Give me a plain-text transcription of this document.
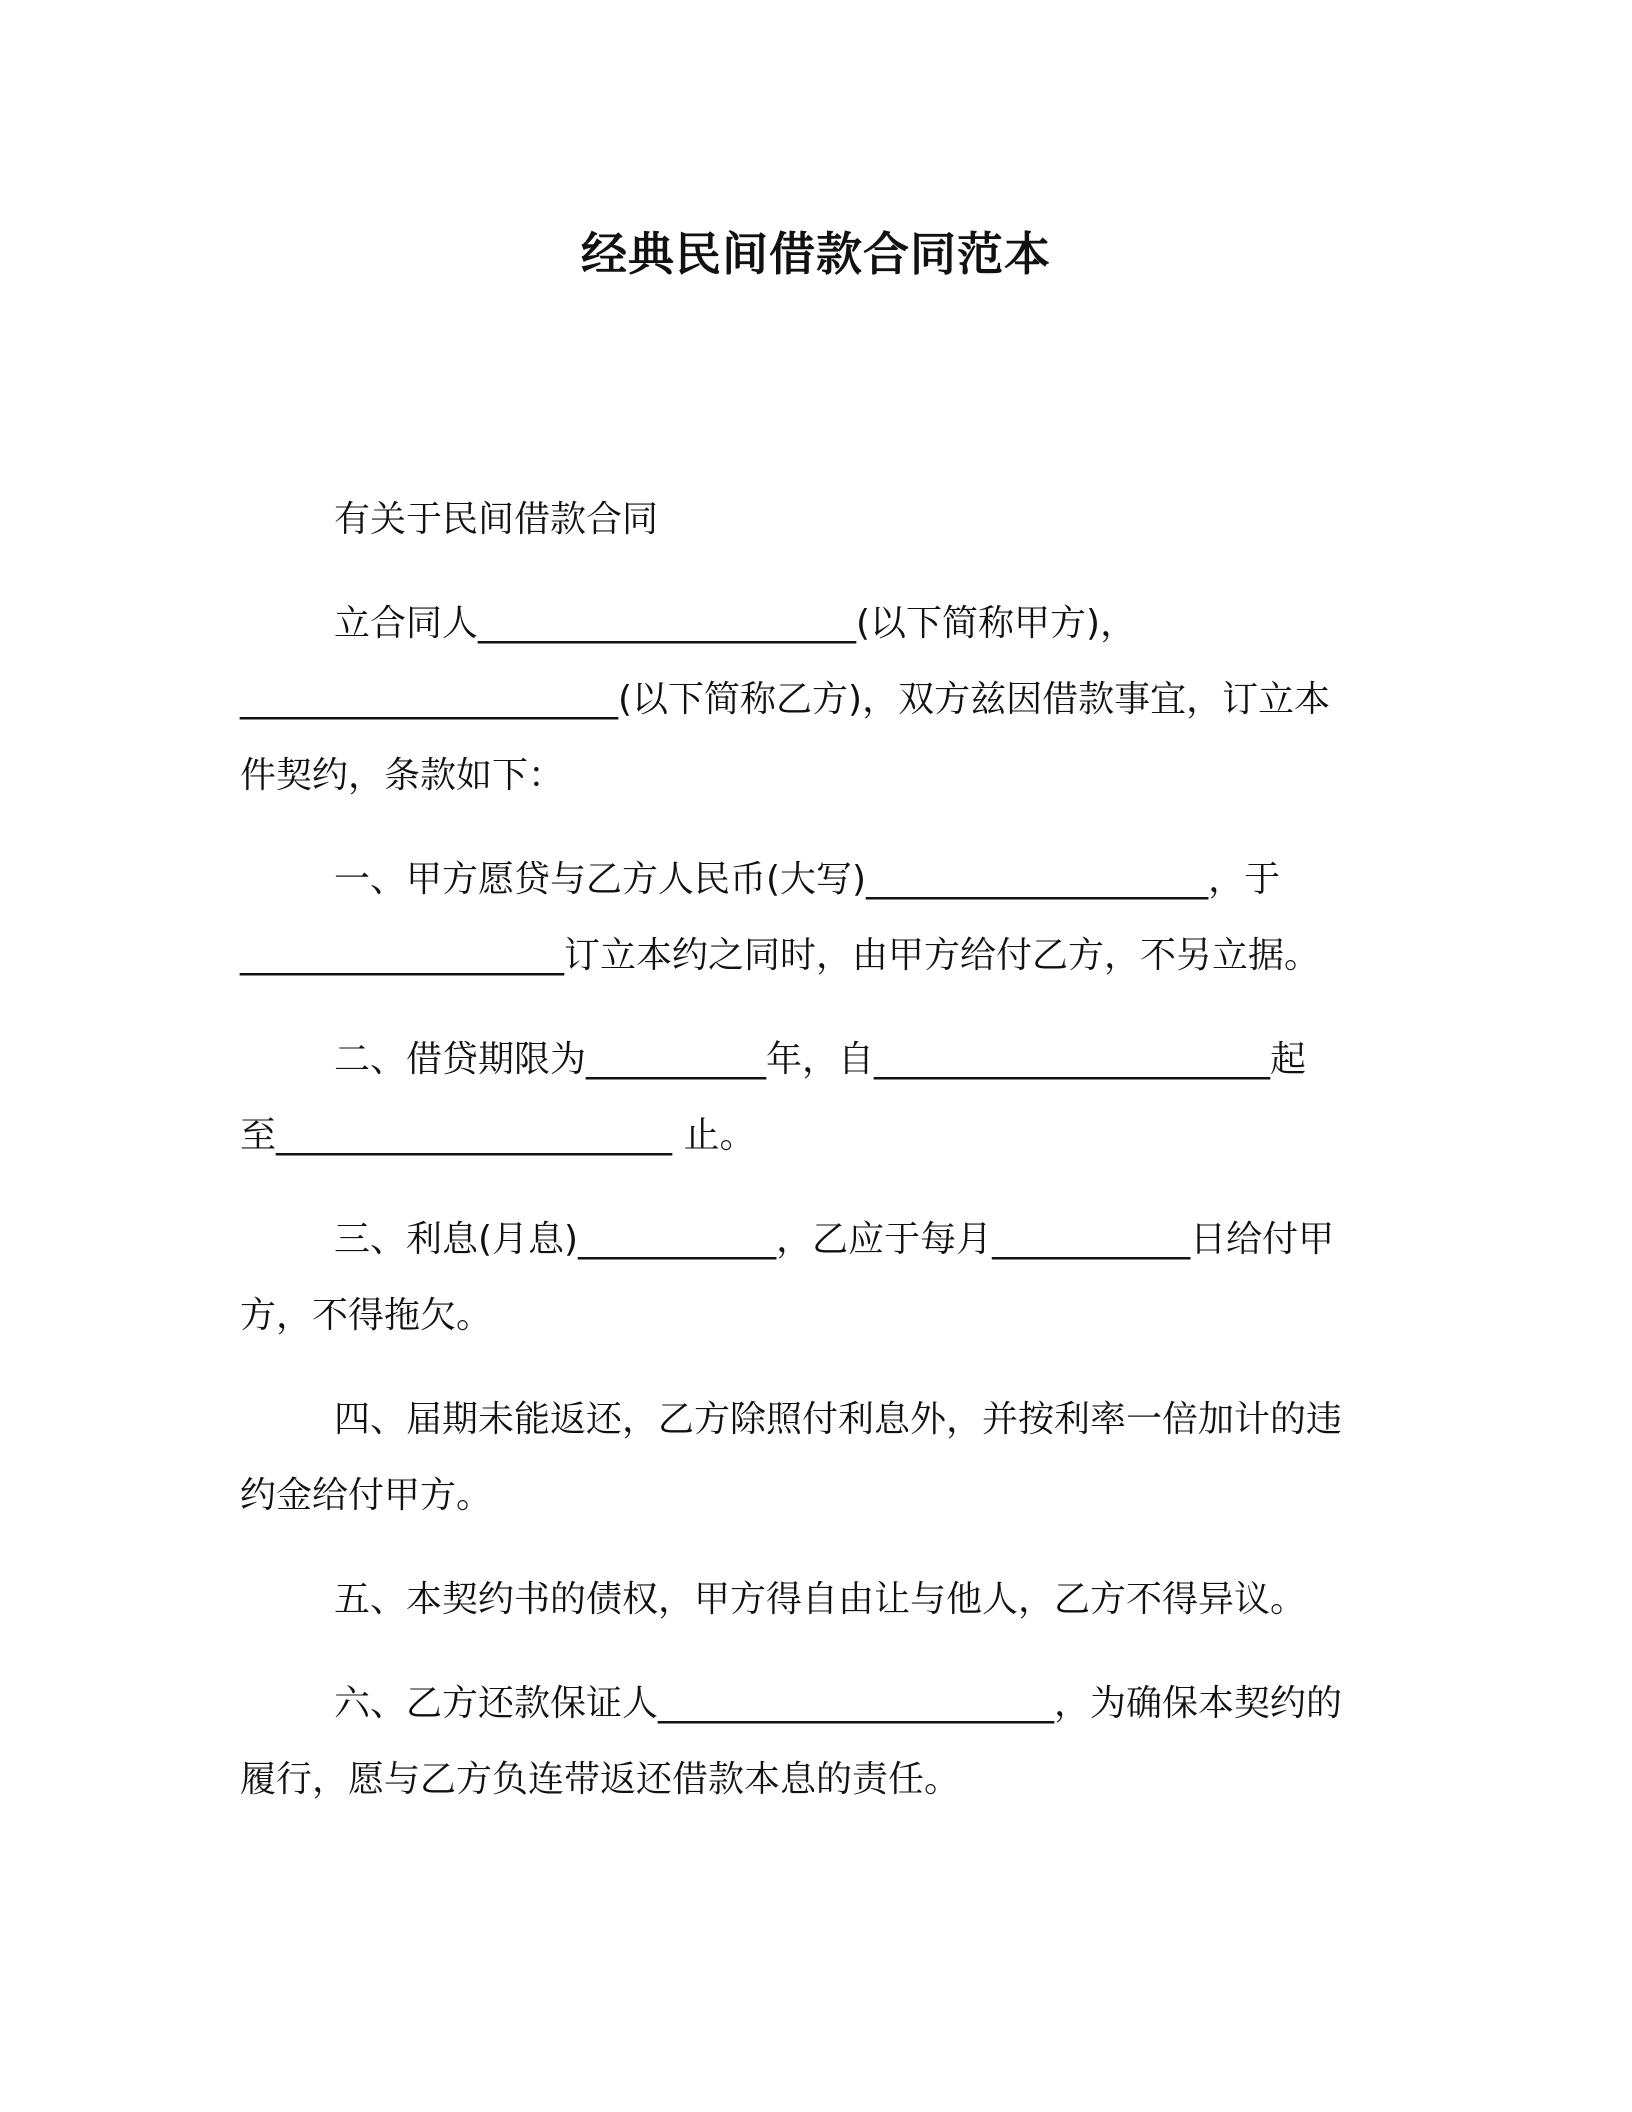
经典民间借款合同范本
有关于民间借款合同
立合同人_____________________(以下简称甲方)，
_____________________(以下简称乙方)，双方兹因借款事宜，订立本
件契约，条款如下：
一、甲方愿贷与乙方人民币(大写)___________________，于
__________________订立本约之同时，由甲方给付乙方，不另立据。
二、借贷期限为__________年，自______________________起
至______________________ 止。
三、利息(月息)___________，乙应于每月___________日给付甲
方，不得拖欠。
四、届期未能返还，乙方除照付利息外，并按利率一倍加计的违
约金给付甲方。
五、本契约书的债权，甲方得自由让与他人，乙方不得异议。
六、乙方还款保证人______________________，为确保本契约的
履行，愿与乙方负连带返还借款本息的责任。
